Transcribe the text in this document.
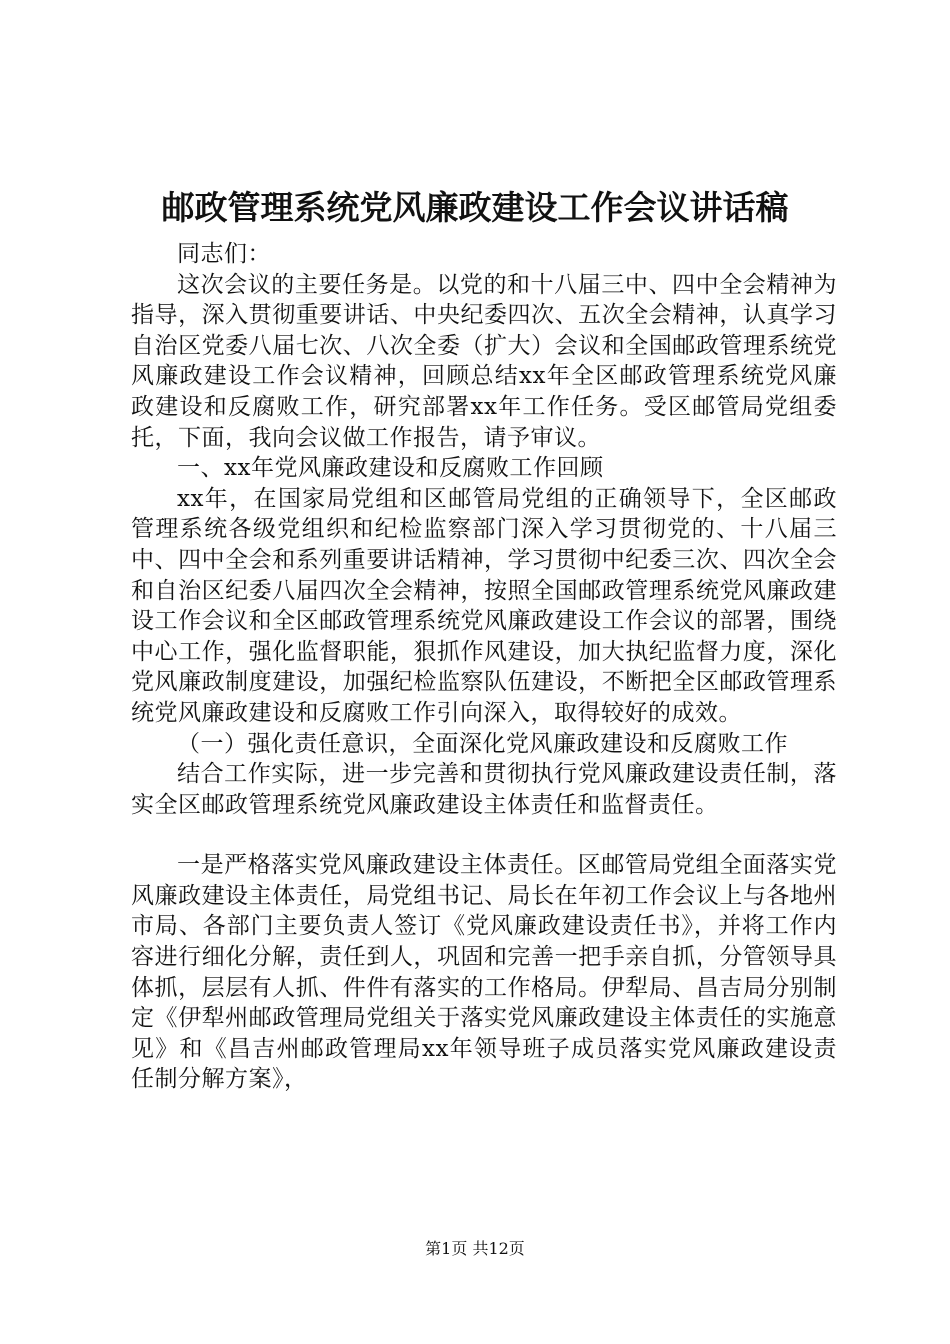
邮政管理系统党风廉政建设工作会议讲话稿

同志们：

这次会议的主要任务是。以党的和十八届三中、四中全会精神为指导，深入贯彻重要讲话、中央纪委四次、五次全会精神，认真学习自治区党委八届七次、八次全委（扩大）会议和全国邮政管理系统党风廉政建设工作会议精神，回顾总结xx年全区邮政管理系统党风廉政建设和反腐败工作，研究部署xx年工作任务。受区邮管局党组委托，下面，我向会议做工作报告，请予审议。

一、xx年党风廉政建设和反腐败工作回顾

xx年，在国家局党组和区邮管局党组的正确领导下，全区邮政管理系统各级党组织和纪检监察部门深入学习贯彻党的、十八届三中、四中全会和系列重要讲话精神，学习贯彻中纪委三次、四次全会和自治区纪委八届四次全会精神，按照全国邮政管理系统党风廉政建设工作会议和全区邮政管理系统党风廉政建设工作会议的部署，围绕中心工作，强化监督职能，狠抓作风建设，加大执纪监督力度，深化党风廉政制度建设，加强纪检监察队伍建设，不断把全区邮政管理系统党风廉政建设和反腐败工作引向深入，取得较好的成效。

（一）强化责任意识，全面深化党风廉政建设和反腐败工作

结合工作实际，进一步完善和贯彻执行党风廉政建设责任制，落实全区邮政管理系统党风廉政建设主体责任和监督责任。

一是严格落实党风廉政建设主体责任。区邮管局党组全面落实党风廉政建设主体责任，局党组书记、局长在年初工作会议上与各地州市局、各部门主要负责人签订《党风廉政建设责任书》，并将工作内容进行细化分解，责任到人，巩固和完善一把手亲自抓，分管领导具体抓，层层有人抓、件件有落实的工作格局。伊犁局、昌吉局分别制定《伊犁州邮政管理局党组关于落实党风廉政建设主体责任的实施意见》和《昌吉州邮政管理局xx年领导班子成员落实党风廉政建设责任制分解方案》，

第1页 共12页
